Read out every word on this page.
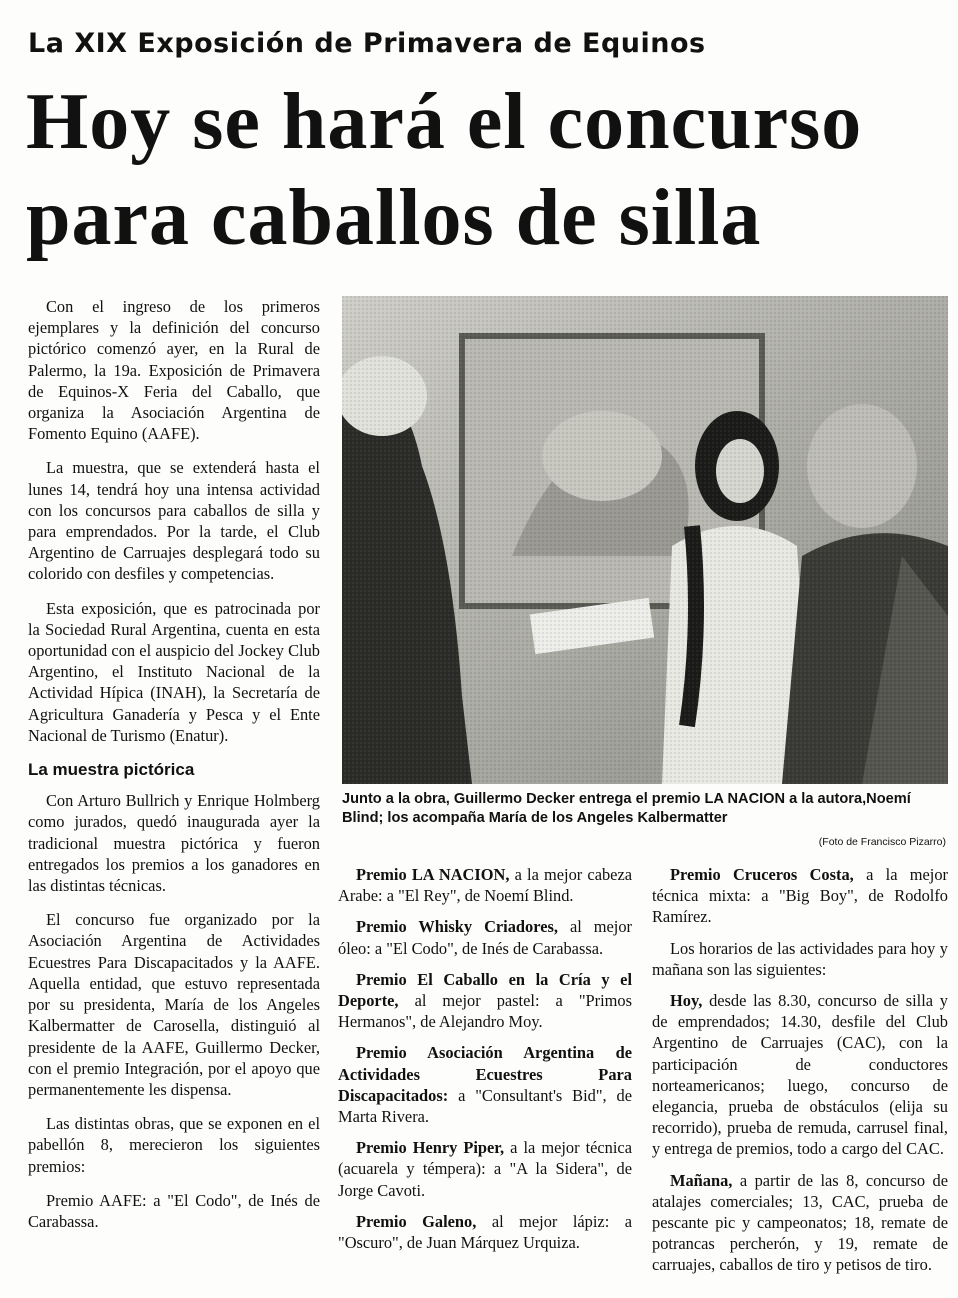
La XIX Exposición de Primavera de Equinos
Hoy se hará el concurso
para caballos de silla

Con el ingreso de los primeros ejemplares y la definición del concurso pictórico comenzó ayer, en la Rural de Palermo, la 19a. Exposición de Primavera de Equinos-X Feria del Caballo, que organiza la Asociación Argentina de Fomento Equino (AAFE).

La muestra, que se extenderá hasta el lunes 14, tendrá hoy una intensa actividad con los concursos para caballos de silla y para emprendados. Por la tarde, el Club Argentino de Carruajes desplegará todo su colorido con desfiles y competencias.

Esta exposición, que es patrocinada por la Sociedad Rural Argentina, cuenta en esta oportunidad con el auspicio del Jockey Club Argentino, el Instituto Nacional de la Actividad Hípica (INAH), la Secretaría de Agricultura Ganadería y Pesca y el Ente Nacional de Turismo (Enatur).

La muestra pictórica

Con Arturo Bullrich y Enrique Holmberg como jurados, quedó inaugurada ayer la tradicional muestra pictórica y fueron entregados los premios a los ganadores en las distintas técnicas.

El concurso fue organizado por la Asociación Argentina de Actividades Ecuestres Para Discapacitados y la AAFE. Aquella entidad, que estuvo representada por su presidenta, María de los Angeles Kalbermatter de Carosella, distinguió al presidente de la AAFE, Guillermo Decker, con el premio Integración, por el apoyo que permanentemente les dispensa.

Las distintas obras, que se exponen en el pabellón 8, merecieron los siguientes premios:

Premio AAFE: a "El Codo", de Inés de Carabassa.

Junto a la obra, Guillermo Decker entrega el premio LA NACION a la autora,Noemí Blind; los acompaña María de los Angeles Kalbermatter
(Foto de Francisco Pizarro)

Premio LA NACION, a la mejor cabeza Arabe: a "El Rey", de Noemí Blind.

Premio Whisky Criadores, al mejor óleo: a "El Codo", de Inés de Carabassa.

Premio El Caballo en la Cría y el Deporte, al mejor pastel: a "Primos Hermanos", de Alejandro Moy.

Premio Asociación Argentina de Actividades Ecuestres Para Discapacitados: a "Consultant's Bid", de Marta Rivera.

Premio Henry Piper, a la mejor técnica (acuarela y témpera): a "A la Sidera", de Jorge Cavoti.

Premio Galeno, al mejor lápiz: a "Oscuro", de Juan Márquez Urquiza.

Premio Cruceros Costa, a la mejor técnica mixta: a "Big Boy", de Rodolfo Ramírez.

Los horarios de las actividades para hoy y mañana son las siguientes:

Hoy, desde las 8.30, concurso de silla y de emprendados; 14.30, desfile del Club Argentino de Carruajes (CAC), con la participación de conductores norteamericanos; luego, concurso de elegancia, prueba de obstáculos (elija su recorrido), prueba de remuda, carrusel final, y entrega de premios, todo a cargo del CAC.

Mañana, a partir de las 8, concurso de atalajes comerciales; 13, CAC, prueba de pescante pic y campeonatos; 18, remate de potrancas percherón, y 19, remate de carruajes, caballos de tiro y petisos de tiro.
